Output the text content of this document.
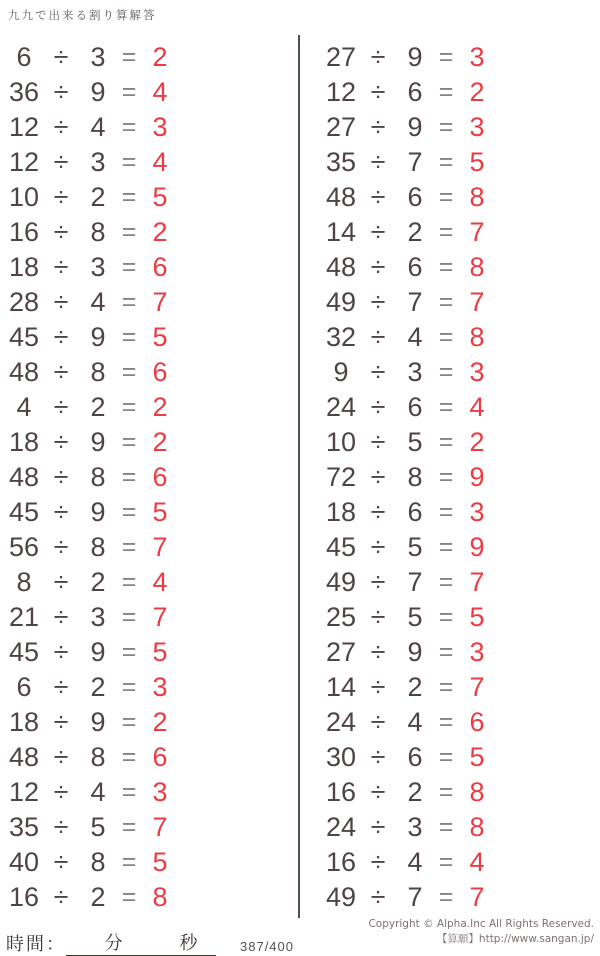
九九で出来る割り算解答
6 ÷ 3 = 2
36 ÷ 9 = 4
12 ÷ 4 = 3
12 ÷ 3 = 4
10 ÷ 2 = 5
16 ÷ 8 = 2
18 ÷ 3 = 6
28 ÷ 4 = 7
45 ÷ 9 = 5
48 ÷ 8 = 6
4 ÷ 2 = 2
18 ÷ 9 = 2
48 ÷ 8 = 6
45 ÷ 9 = 5
56 ÷ 8 = 7
8 ÷ 2 = 4
21 ÷ 3 = 7
45 ÷ 9 = 5
6 ÷ 2 = 3
18 ÷ 9 = 2
48 ÷ 8 = 6
12 ÷ 4 = 3
35 ÷ 5 = 7
40 ÷ 8 = 5
16 ÷ 2 = 8
27 ÷ 9 = 3
12 ÷ 6 = 2
27 ÷ 9 = 3
35 ÷ 7 = 5
48 ÷ 6 = 8
14 ÷ 2 = 7
48 ÷ 6 = 8
49 ÷ 7 = 7
32 ÷ 4 = 8
9 ÷ 3 = 3
24 ÷ 6 = 4
10 ÷ 5 = 2
72 ÷ 8 = 9
18 ÷ 6 = 3
45 ÷ 5 = 9
49 ÷ 7 = 7
25 ÷ 5 = 5
27 ÷ 9 = 3
14 ÷ 2 = 7
24 ÷ 4 = 6
30 ÷ 6 = 5
16 ÷ 2 = 8
24 ÷ 3 = 8
16 ÷ 4 = 4
49 ÷ 7 = 7
時間：	分	秒	387/400
Copyright © Alpha.Inc All Rights Reserved.
【算願】http://www.sangan.jp/
